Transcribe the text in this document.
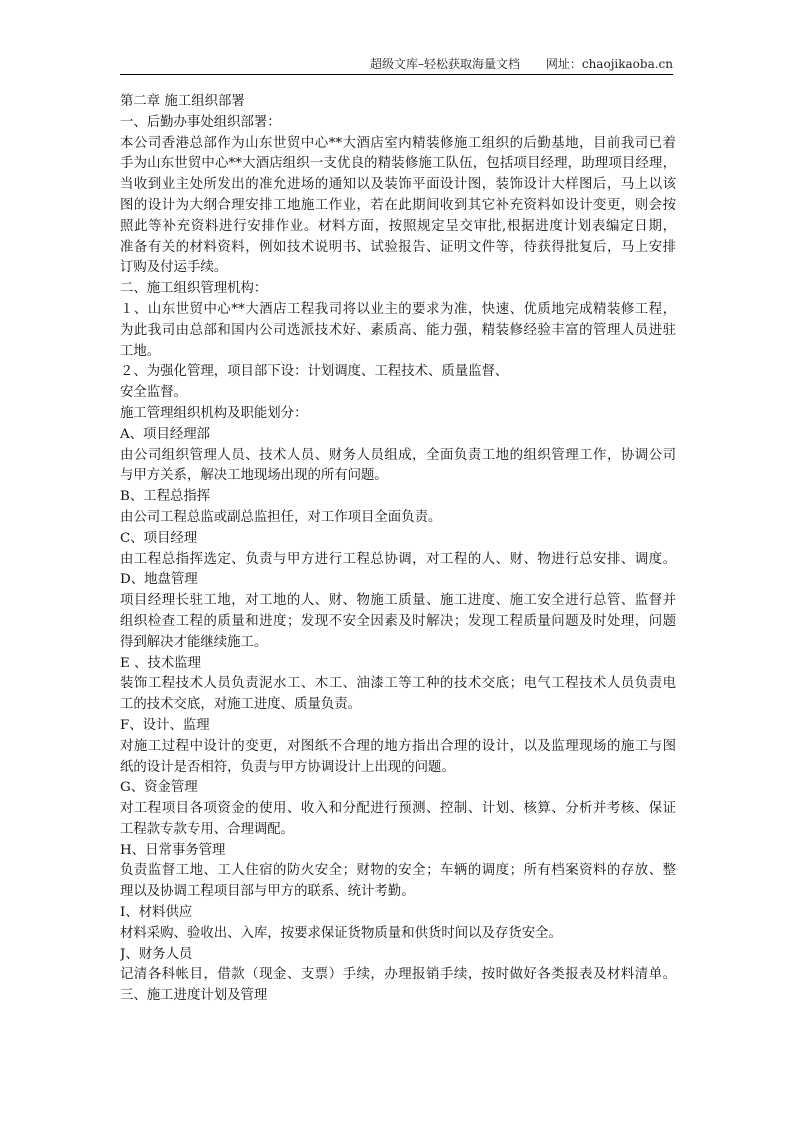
超级文库–轻松获取海量文档 网址：chaojikaoba.cn
第二章 施工组织部署
一、后勤办事处组织部署：
本公司香港总部作为山东世贸中心**大酒店室内精装修施工组织的后勤基地，目前我司已着
手为山东世贸中心**大酒店组织一支优良的精装修施工队伍，包括项目经理，助理项目经理，
当收到业主处所发出的准允进场的通知以及装饰平面设计图，装饰设计大样图后，马上以该
图的设计为大纲合理安排工地施工作业，若在此期间收到其它补充资料如设计变更，则会按
照此等补充资料进行安排作业。材料方面，按照规定呈交审批,根据进度计划表编定日期，
准备有关的材料资料，例如技术说明书、试验报告、证明文件等，待获得批复后，马上安排
订购及付运手续。
二、施工组织管理机构：
１、山东世贸中心**大酒店工程我司将以业主的要求为准，快速、优质地完成精装修工程，
为此我司由总部和国内公司选派技术好、素质高、能力强，精装修经验丰富的管理人员进驻
工地。
２、为强化管理，项目部下设：计划调度、工程技术、质量监督、
安全监督。
施工管理组织机构及职能划分：
A、项目经理部
由公司组织管理人员、技术人员、财务人员组成，全面负责工地的组织管理工作，协调公司
与甲方关系，解决工地现场出现的所有问题。
B、工程总指挥
由公司工程总监或副总监担任，对工作项目全面负责。
C、项目经理
由工程总指挥选定、负责与甲方进行工程总协调，对工程的人、财、物进行总安排、调度。
D、地盘管理
项目经理长驻工地，对工地的人、财、物施工质量、施工进度、施工安全进行总管、监督并
组织检查工程的质量和进度；发现不安全因素及时解决；发现工程质量问题及时处理，问题
得到解决才能继续施工。
E 、技术监理
装饰工程技术人员负责泥水工、木工、油漆工等工种的技术交底；电气工程技术人员负责电
工的技术交底，对施工进度、质量负责。
F、设计、监理
对施工过程中设计的变更，对图纸不合理的地方指出合理的设计，以及监理现场的施工与图
纸的设计是否相符，负责与甲方协调设计上出现的问题。
G、资金管理
对工程项目各项资金的使用、收入和分配进行预测、控制、计划、核算、分析并考核、保证
工程款专款专用、合理调配。
H、日常事务管理
负责监督工地、工人住宿的防火安全；财物的安全；车辆的调度；所有档案资料的存放、整
理以及协调工程项目部与甲方的联系、统计考勤。
I、材料供应
材料采购、验收出、入库，按要求保证货物质量和供货时间以及存货安全。
J、财务人员
记清各科帐目，借款（现金、支票）手续，办理报销手续，按时做好各类报表及材料清单。
三、施工进度计划及管理
